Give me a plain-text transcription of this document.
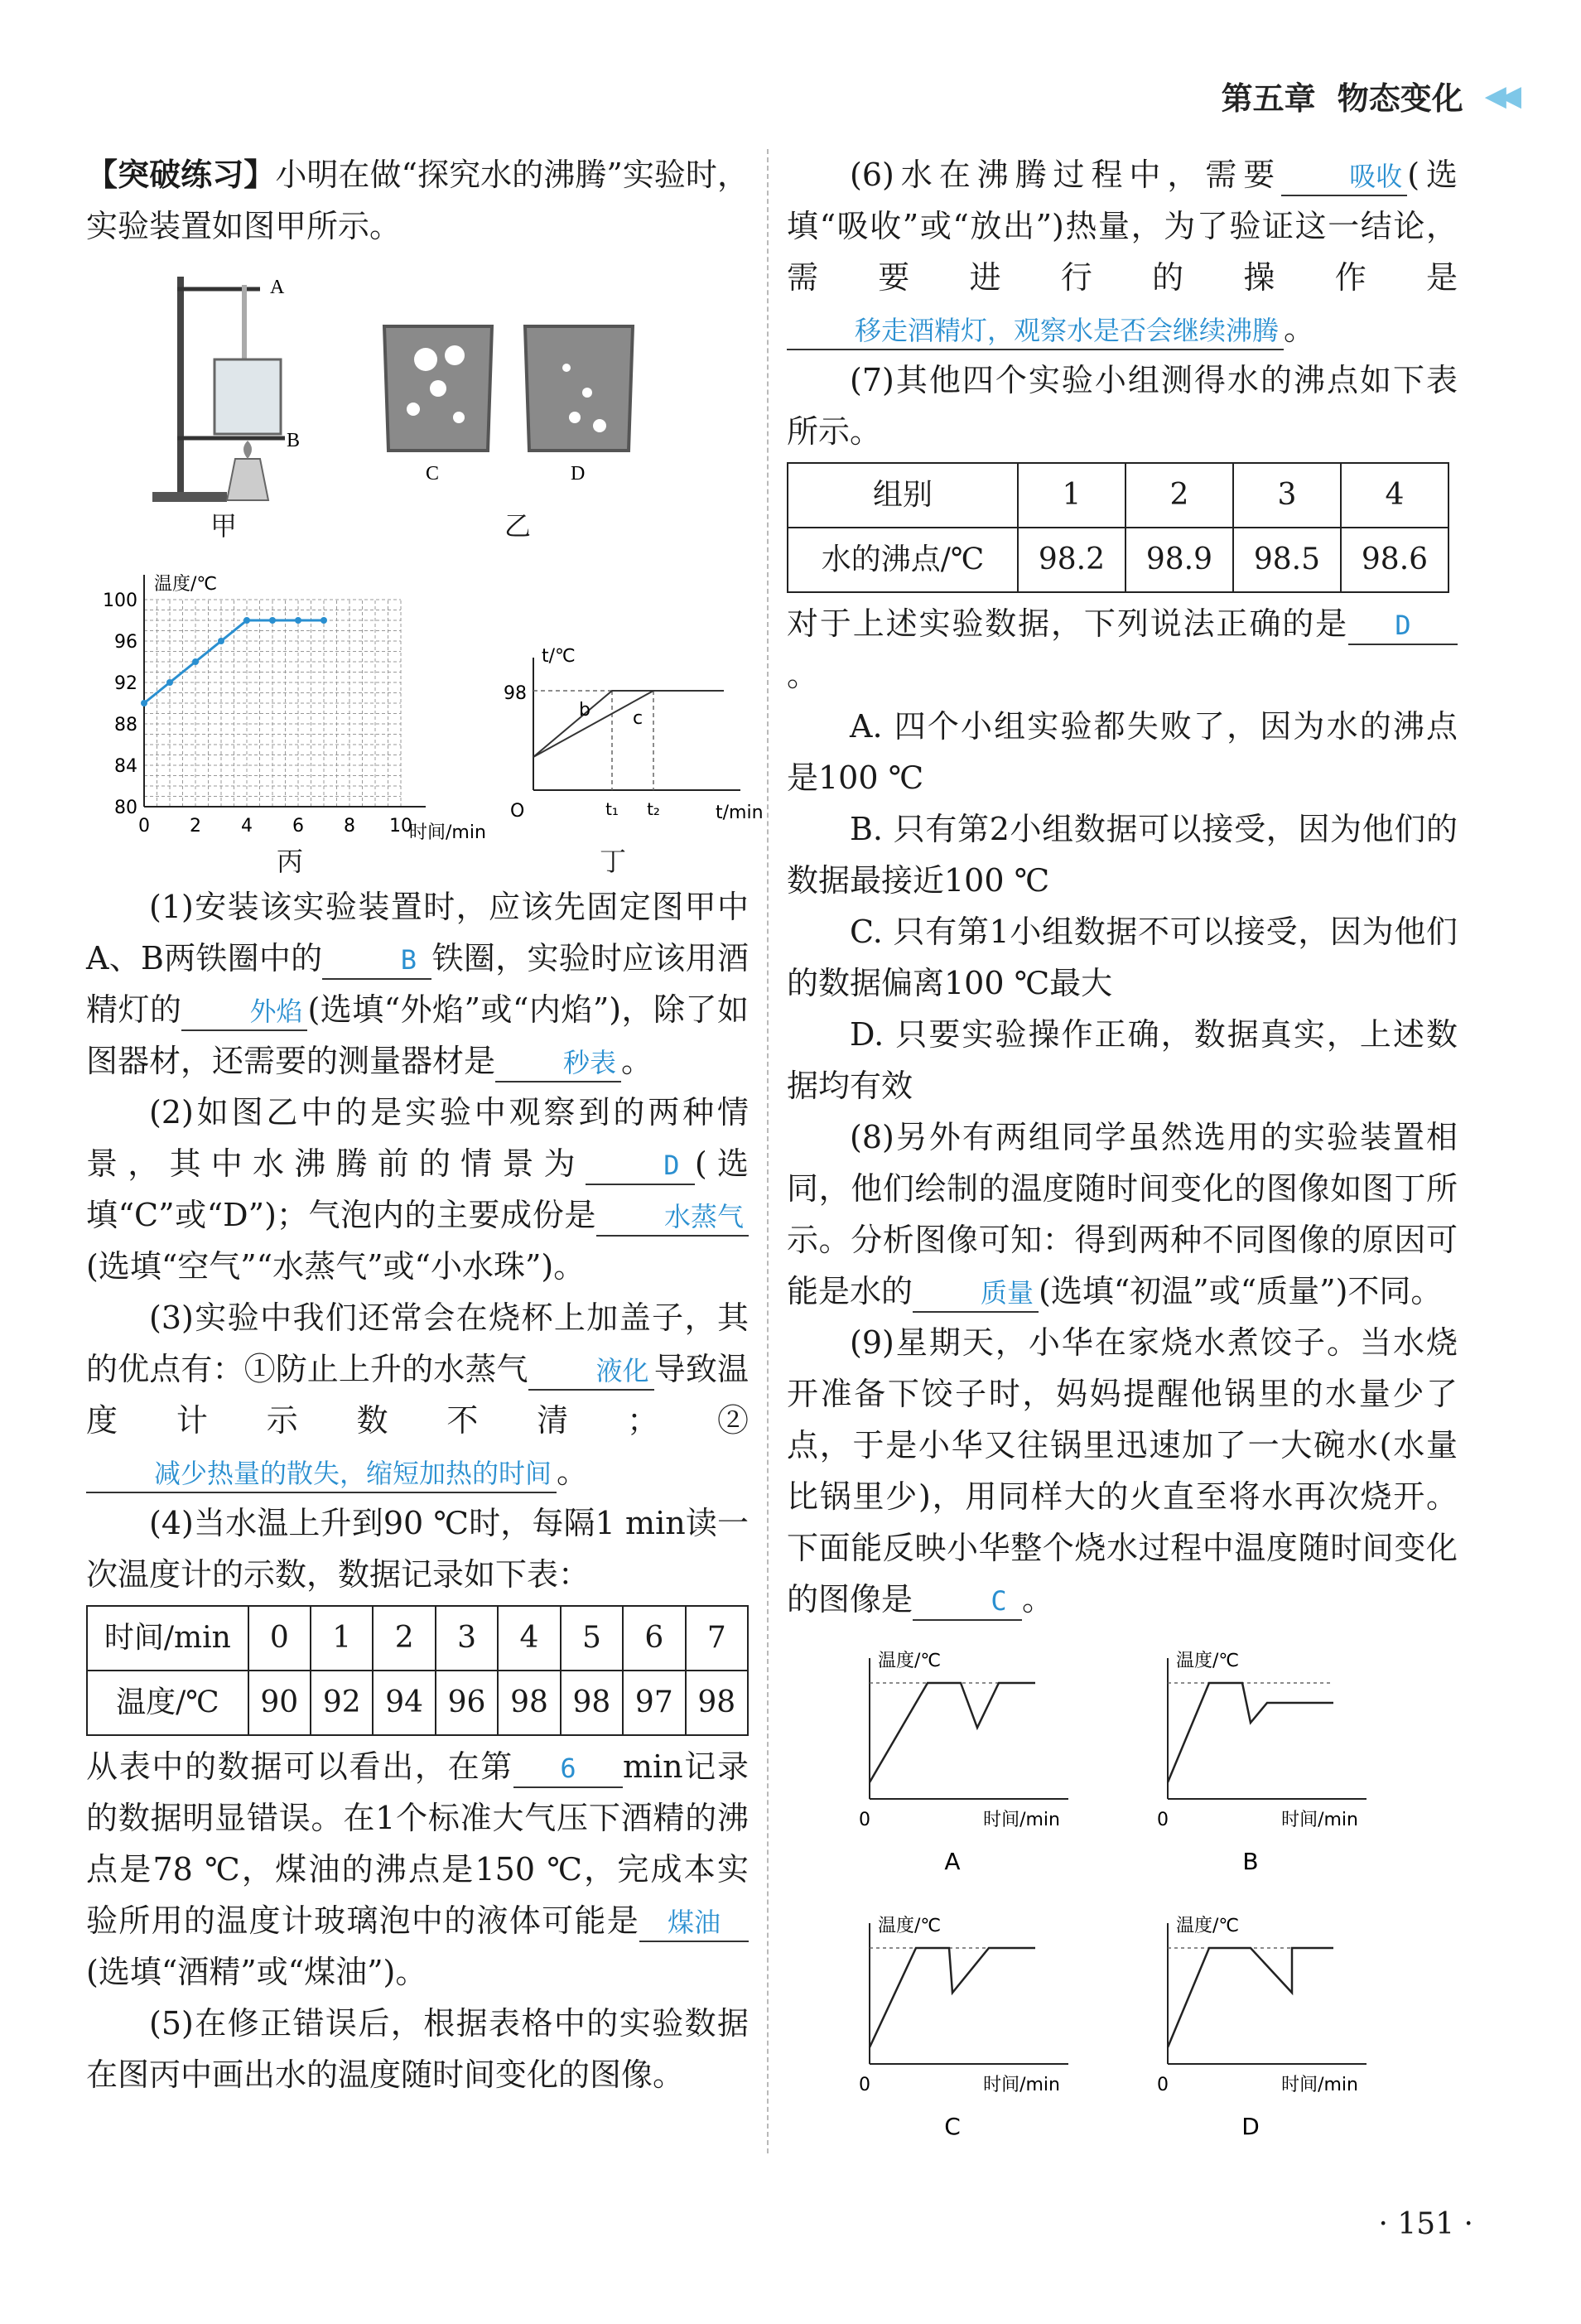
第五章 物态变化 ◀◀

【突破练习】小明在做“探究水的沸腾”实验时，实验装置如图甲所示。

A
B
甲
C	D
乙
温度/℃
时间/min
0 2 4 6 8 10
80
84
88
92
96
100
丙
t/℃
t/min
O
98
b c
t₁ t₂
丁

(1)安装该实验装置时，应该先固定图甲中A、B两铁圈中的	B 铁圈，实验时应该用酒精灯的	外焰 (选填“外焰”或“内焰”)，除了如图器材，还需要的测量器材是	秒表 。

(2)如图乙中的是实验中观察到的两种情景，其中水沸腾前的情景为	D (选填“C”或“D”)；气泡内的主要成份是	水蒸气(选填“空气”“水蒸气”或“小水珠”)。

(3)实验中我们还常会在烧杯上加盖子，其的优点有：①防止上升的水蒸气	液化 导致温度计示数不清；②减少热量的散失，缩短加热的时间 。

(4)当水温上升到90 ℃时，每隔1 min读一次温度计的示数，数据记录如下表：

时间/min	0	1	2	3	4	5	6	7
温度/℃	90	92	94	96	98	98	97	98

从表中的数据可以看出，在第 6 min记录的数据明显错误。在1个标准大气压下酒精的沸点是78 ℃，煤油的沸点是150 ℃，完成本实验所用的温度计玻璃泡中的液体可能是 煤油(选填“酒精”或“煤油”)。

(5)在修正错误后，根据表格中的实验数据在图丙中画出水的温度随时间变化的图像。

(6)水在沸腾过程中，需要	吸收 (选填“吸收”或“放出”)热量，为了验证这一结论，需要进行的操作是移走酒精灯，观察水是否会继续沸腾 。

(7)其他四个实验小组测得水的沸点如下表所示。

组别	1	2	3	4
水的沸点/℃	98.2	98.9	98.5	98.6

对于上述实验数据，下列说法正确的是 D。

A. 四个小组实验都失败了，因为水的沸点是100 ℃

B. 只有第2小组数据可以接受，因为他们的数据最接近100 ℃

C. 只有第1小组数据不可以接受，因为他们的数据偏离100 ℃最大

D. 只要实验操作正确，数据真实，上述数据均有效

(8)另外有两组同学虽然选用的实验装置相同，他们绘制的温度随时间变化的图像如图丁所示。分析图像可知：得到两种不同图像的原因可能是水的	质量 (选填“初温”或“质量”)不同。

(9)星期天，小华在家烧水煮饺子。当水烧开准备下饺子时，妈妈提醒他锅里的水量少了点，于是小华又往锅里迅速加了一大碗水(水量比锅里少)，用同样大的火直至将水再次烧开。下面能反映小华整个烧水过程中温度随时间变化的图像是	C 。

温度/℃
时间/min
0
A
温度/℃
时间/min
0
B
温度/℃
时间/min
0
C
温度/℃
时间/min
0
D
· 151 ·
